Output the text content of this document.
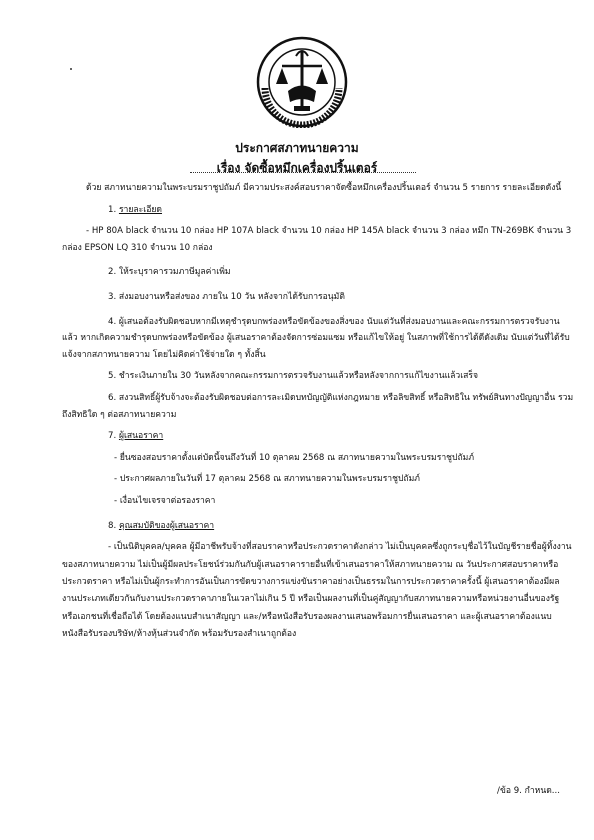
ประกาศสภาทนายความ
เรื่อง จัดซื้อหมึกเครื่องปริ้นเตอร์

ด้วย สภาทนายความในพระบรมราชูปถัมภ์ มีความประสงค์สอบราคาจัดซื้อหมึกเครื่องปริ้นเตอร์ จำนวน 5 รายการ รายละเอียดดังนี้

1. รายละเอียด

- HP 80A black จำนวน 10 กล่อง HP 107A black จำนวน 10 กล่อง HP 145A black จำนวน 3 กล่อง หมึก TN-269BK จำนวน 3 กล่อง EPSON LQ 310 จำนวน 10 กล่อง

2. ให้ระบุราคารวมภาษีมูลค่าเพิ่ม

3. ส่งมอบงานหรือส่งของ ภายใน 10 วัน หลังจากได้รับการอนุมัติ

4. ผู้เสนอต้องรับผิดชอบหากมีเหตุชำรุดบกพร่องหรือขัดข้องของสิ่งของ นับแต่วันที่ส่งมอบงานและคณะกรรมการตรวจรับงานแล้ว หากเกิดความชำรุดบกพร่องหรือขัดข้อง ผู้เสนอราคาต้องจัดการซ่อมแซม หรือแก้ไขให้อยู่ ในสภาพที่ใช้การได้ดีดังเดิม นับแต่วันที่ได้รับแจ้งจากสภาทนายความ โดยไม่คิดค่าใช้จ่ายใด ๆ ทั้งสิ้น

5. ชำระเงินภายใน 30 วันหลังจากคณะกรรมการตรวจรับงานแล้วหรือหลังจากการแก้ไขงานแล้วเสร็จ

6. สงวนสิทธิ์ผู้รับจ้างจะต้องรับผิดชอบต่อการละเมิดบทบัญญัติแห่งกฎหมาย หรือลิขสิทธิ์ หรือสิทธิใน ทรัพย์สินทางปัญญาอื่น รวมถึงสิทธิใด ๆ ต่อสภาทนายความ

7. ผู้เสนอราคา

- ยื่นซองสอบราคาตั้งแต่บัดนี้จนถึงวันที่ 10 ตุลาคม 2568 ณ สภาทนายความในพระบรมราชูปถัมภ์

- ประกาศผลภายในวันที่ 17 ตุลาคม 2568 ณ สภาทนายความในพระบรมราชูปถัมภ์

- เงื่อนไขเจรจาต่อรองราคา

8. คุณสมบัติของผู้เสนอราคา

- เป็นนิติบุคคล/บุคคล ผู้มีอาชีพรับจ้างที่สอบราคาหรือประกวดราคาดังกล่าว ไม่เป็นบุคคลซึ่งถูกระบุชื่อไว้ในบัญชีรายชื่อผู้ทิ้งงานของสภาทนายความ ไม่เป็นผู้มีผลประโยชน์ร่วมกันกับผู้เสนอราคารายอื่นที่เข้าเสนอราคาให้สภาทนายความ ณ วันประกาศสอบราคาหรือประกวดราคา หรือไม่เป็นผู้กระทำการอันเป็นการขัดขวางการแข่งขันราคาอย่างเป็นธรรมในการประกวดราคาครั้งนี้ ผู้เสนอราคาต้องมีผลงานประเภทเดียวกันกับงานประกวดราคาภายในเวลาไม่เกิน 5 ปี หรือเป็นผลงานที่เป็นคู่สัญญากับสภาทนายความหรือหน่วยงานอื่นของรัฐหรือเอกชนที่เชื่อถือได้ โดยต้องแนบสำเนาสัญญา และ/หรือหนังสือรับรองผลงานเสนอพร้อมการยื่นเสนอราคา และผู้เสนอราคาต้องแนบหนังสือรับรองบริษัท/ห้างหุ้นส่วนจำกัด พร้อมรับรองสำเนาถูกต้อง

/ข้อ 9. กำหนด...
